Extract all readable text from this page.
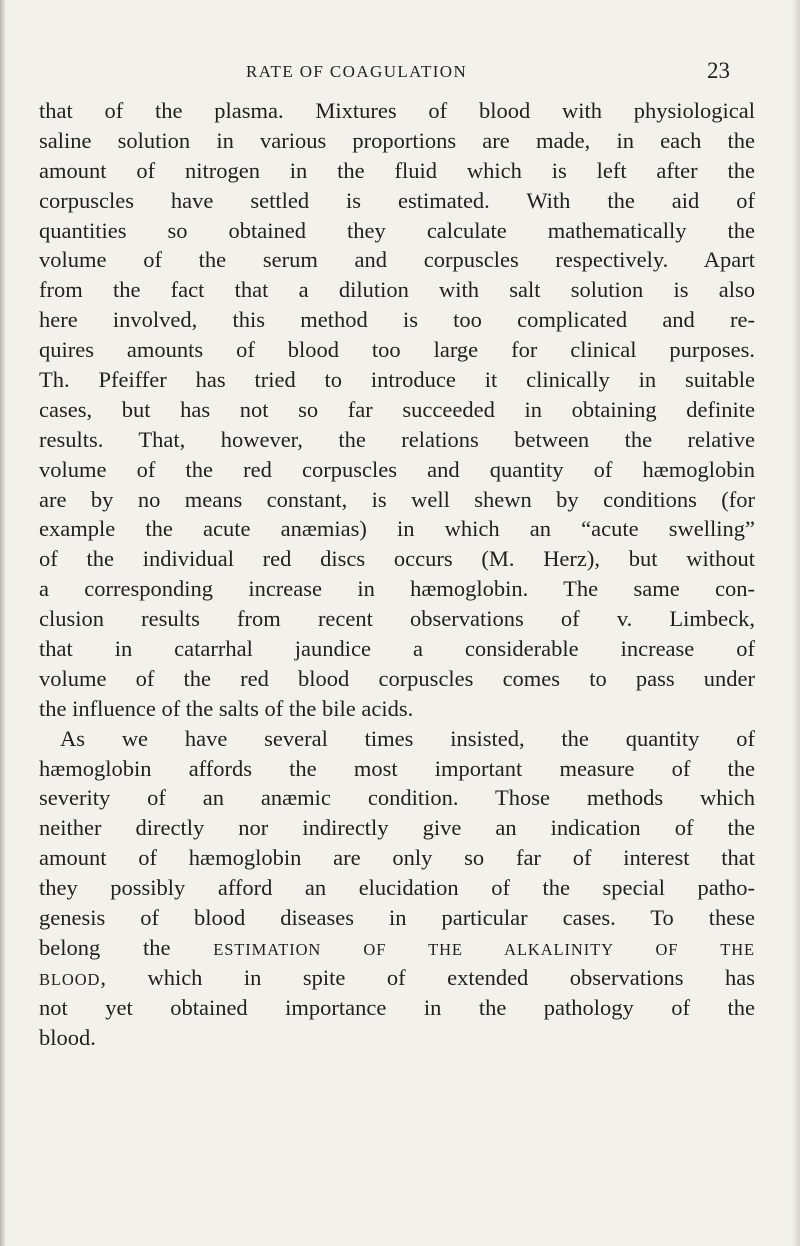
RATE OF COAGULATION	23
that of the plasma. Mixtures of blood with physiological
saline solution in various proportions are made, in each the
amount of nitrogen in the fluid which is left after the
corpuscles have settled is estimated. With the aid of
quantities so obtained they calculate mathematically the
volume of the serum and corpuscles respectively. Apart
from the fact that a dilution with salt solution is also
here involved, this method is too complicated and re-
quires amounts of blood too large for clinical purposes.
Th. Pfeiffer has tried to introduce it clinically in suitable
cases, but has not so far succeeded in obtaining definite
results. That, however, the relations between the relative
volume of the red corpuscles and quantity of hæmoglobin
are by no means constant, is well shewn by conditions (for
example the acute anæmias) in which an “acute swelling”
of the individual red discs occurs (M. Herz), but without
a corresponding increase in hæmoglobin. The same con-
clusion results from recent observations of v. Limbeck,
that in catarrhal jaundice a considerable increase of
volume of the red blood corpuscles comes to pass under
the influence of the salts of the bile acids.
As we have several times insisted, the quantity of
hæmoglobin affords the most important measure of the
severity of an anæmic condition. Those methods which
neither directly nor indirectly give an indication of the
amount of hæmoglobin are only so far of interest that
they possibly afford an elucidation of the special patho-
genesis of blood diseases in particular cases. To these
belong the ESTIMATION OF THE ALKALINITY OF THE
BLOOD, which in spite of extended observations has
not yet obtained importance in the pathology of the
blood.
